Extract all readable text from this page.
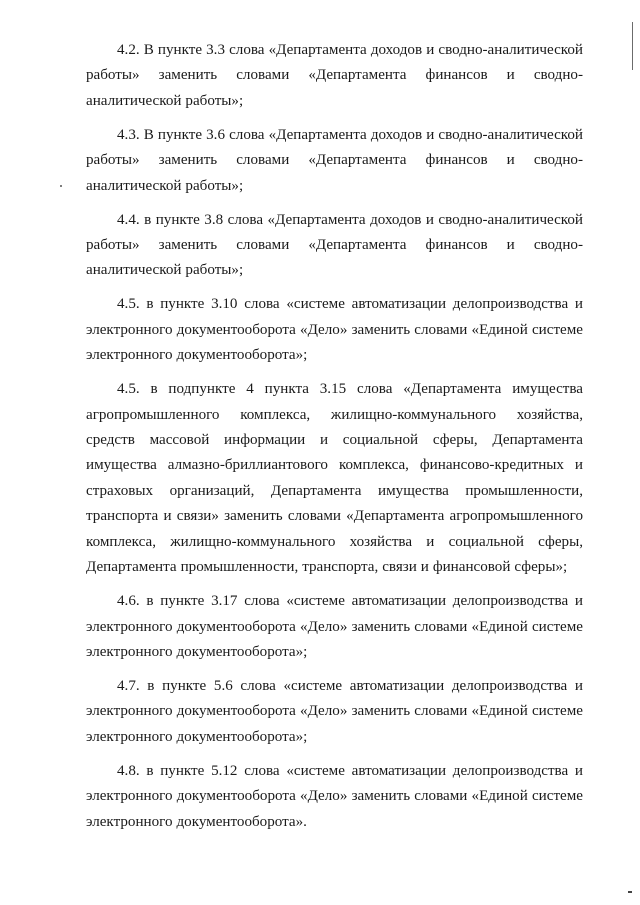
4.2. В пункте 3.3 слова «Департамента доходов и сводно-аналитической работы» заменить словами «Департамента финансов и сводно-аналитической работы»;

4.3. В пункте 3.6 слова «Департамента доходов и сводно-аналитической работы» заменить словами «Департамента финансов и сводно-аналитической работы»;

4.4. в пункте 3.8 слова «Департамента доходов и сводно-аналитической работы» заменить словами «Департамента финансов и сводно-аналитической работы»;

4.5. в пункте 3.10 слова «системе автоматизации делопроизводства и электронного документооборота «Дело» заменить словами «Единой системе электронного документооборота»;

4.5. в подпункте 4 пункта 3.15 слова «Департамента имущества агропромышленного комплекса, жилищно-коммунального хозяйства, средств массовой информации и социальной сферы, Департамента имущества алмазно-бриллиантового комплекса, финансово-кредитных и страховых организаций, Департамента имущества промышленности, транспорта и связи» заменить словами «Департамента агропромышленного комплекса, жилищно-коммунального хозяйства и социальной сферы, Департамента промышленности, транспорта, связи и финансовой сферы»;

4.6. в пункте 3.17 слова «системе автоматизации делопроизводства и электронного документооборота «Дело» заменить словами «Единой системе электронного документооборота»;

4.7. в пункте 5.6 слова «системе автоматизации делопроизводства и электронного документооборота «Дело» заменить словами «Единой системе электронного документооборота»;

4.8. в пункте 5.12 слова «системе автоматизации делопроизводства и электронного документооборота «Дело» заменить словами «Единой системе электронного документооборота».
